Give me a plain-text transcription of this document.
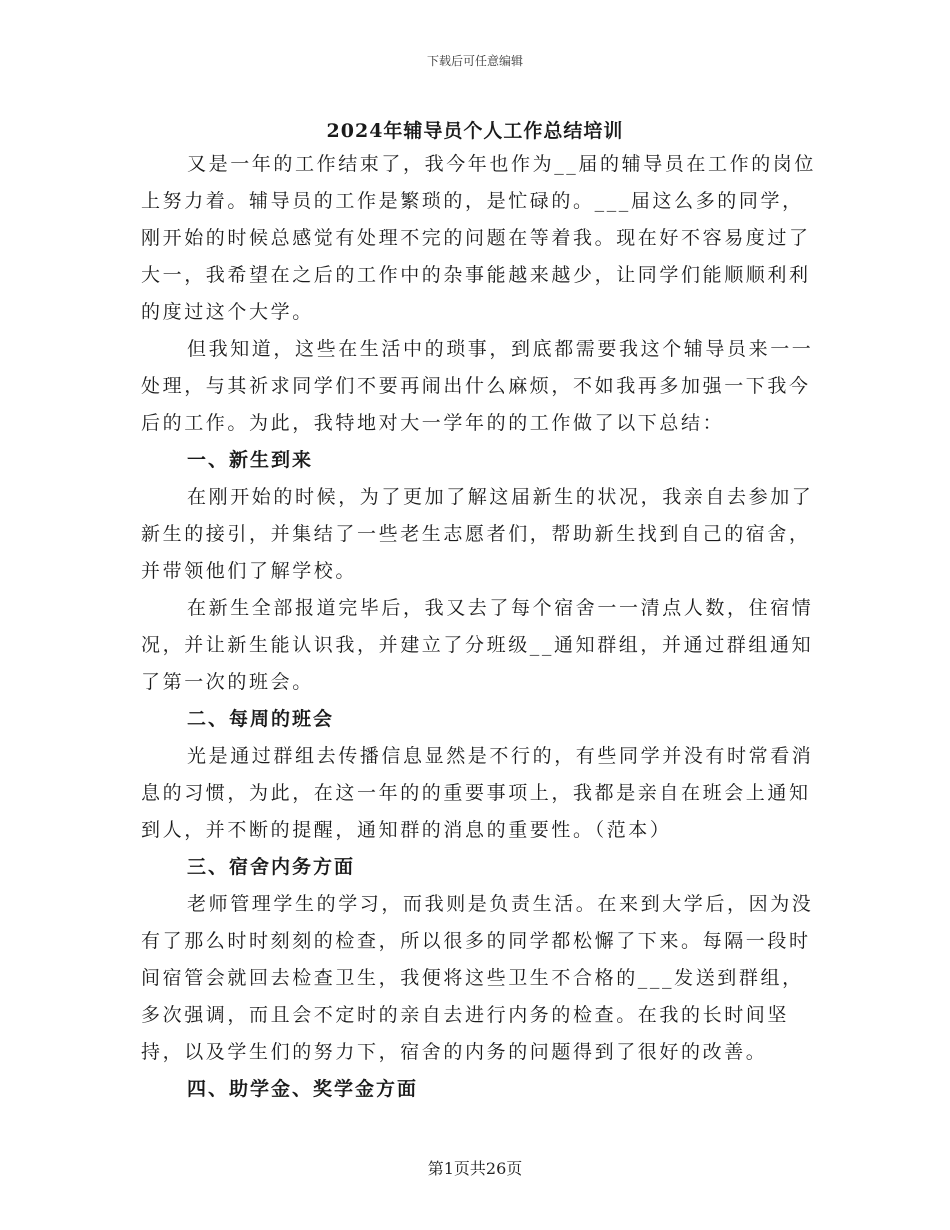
下载后可任意编辑
2024年辅导员个人工作总结培训

又是一年的工作结束了，我今年也作为__届的辅导员在工作的岗位上努力着。辅导员的工作是繁琐的，是忙碌的。___届这么多的同学，刚开始的时候总感觉有处理不完的问题在等着我。现在好不容易度过了大一，我希望在之后的工作中的杂事能越来越少，让同学们能顺顺利利的度过这个大学。

但我知道，这些在生活中的琐事，到底都需要我这个辅导员来一一处理，与其祈求同学们不要再闹出什么麻烦，不如我再多加强一下我今后的工作。为此，我特地对大一学年的的工作做了以下总结：

一、新生到来

在刚开始的时候，为了更加了解这届新生的状况，我亲自去参加了新生的接引，并集结了一些老生志愿者们，帮助新生找到自己的宿舍，并带领他们了解学校。

在新生全部报道完毕后，我又去了每个宿舍一一清点人数，住宿情况，并让新生能认识我，并建立了分班级__通知群组，并通过群组通知了第一次的班会。

二、每周的班会

光是通过群组去传播信息显然是不行的，有些同学并没有时常看消息的习惯，为此，在这一年的的重要事项上，我都是亲自在班会上通知到人，并不断的提醒，通知群的消息的重要性。（范本）

三、宿舍内务方面

老师管理学生的学习，而我则是负责生活。在来到大学后，因为没有了那么时时刻刻的检查，所以很多的同学都松懈了下来。每隔一段时间宿管会就回去检查卫生，我便将这些卫生不合格的___发送到群组，多次强调，而且会不定时的亲自去进行内务的检查。在我的长时间坚持，以及学生们的努力下，宿舍的内务的问题得到了很好的改善。

四、助学金、奖学金方面
第1页共26页
